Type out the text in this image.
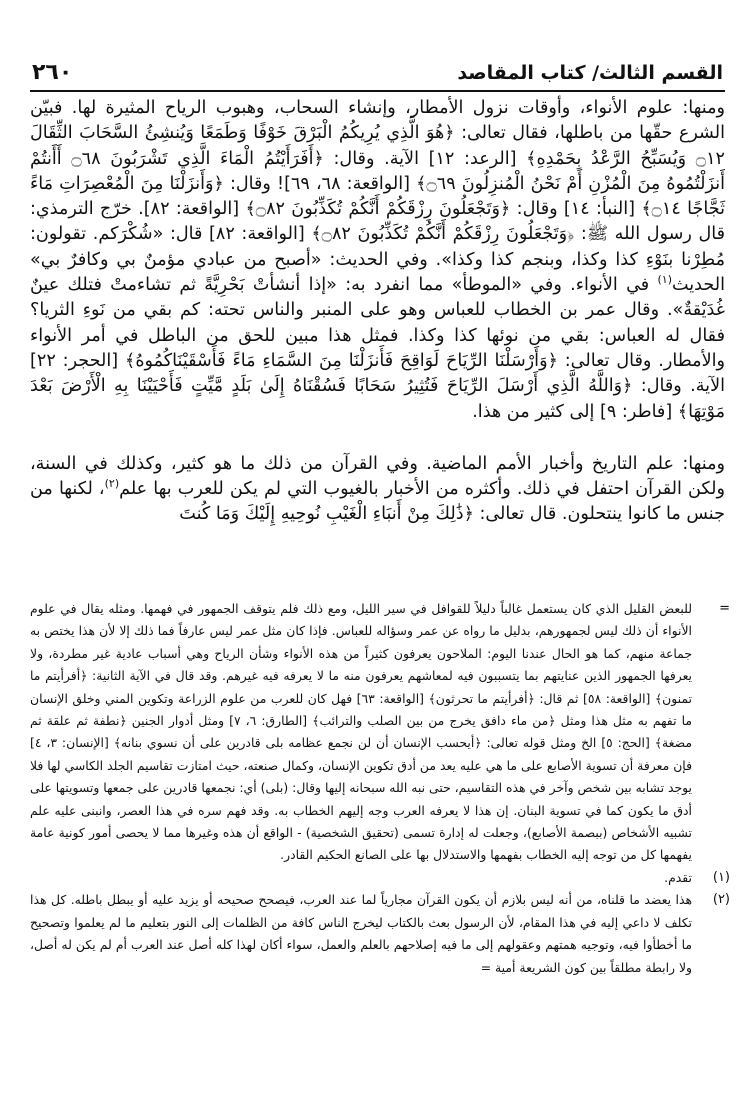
٢٦٠	القسم الثالث/ كتاب المقاصد

ومنها: علوم الأنواء، وأوقات نزول الأمطار، وإنشاء السحاب، وهبوب الرياح المثيرة لها. فبيّن الشرع حقّها من باطلها، فقال تعالى: ﴿هُوَ الَّذِي يُرِيكُمُ الْبَرْقَ خَوْفًا وَطَمَعًا وَيُنشِئُ السَّحَابَ الثِّقَالَ ۝١٢ وَيُسَبِّحُ الرَّعْدُ بِحَمْدِهِ﴾ [الرعد: ١٢] الآية. وقال: ﴿أَفَرَأَيْتُمُ الْمَاءَ الَّذِي تَشْرَبُونَ ۝٦٨ أَأَنتُمْ أَنزَلْتُمُوهُ مِنَ الْمُزْنِ أَمْ نَحْنُ الْمُنزِلُونَ ۝٦٩﴾ [الواقعة: ٦٨، ٦٩]! وقال: ﴿وَأَنزَلْنَا مِنَ الْمُعْصِرَاتِ مَاءً ثَجَّاجًا ۝١٤﴾ [النبأ: ١٤] وقال: ﴿وَتَجْعَلُونَ رِزْقَكُمْ أَنَّكُمْ تُكَذِّبُونَ ۝٨٢﴾ [الواقعة: ٨٢]. خرّج الترمذي: قال رسول الله ﷺ: ﴿وَتَجْعَلُونَ رِزْقَكُمْ أَنَّكُمْ تُكَذِّبُونَ ۝٨٢﴾ [الواقعة: ٨٢] قال: «شُكْرَكم. تقولون: مُطِرْنا بنَوْءِ كذا وكذا، وبنجم كذا وكذا». وفي الحديث: «أصبح من عبادي مؤمنٌ بي وكافرٌ بي» الحديث$^{(١)}$ في الأنواء. وفي «الموطأ» مما انفرد به: «إذا أنشأتْ بَحْرِيَّةً ثم تشاءمتْ فتلك عينٌ غُدَيْقةٌ». وقال عمر بن الخطاب للعباس وهو على المنبر والناس تحته: كم بقي من نَوءِ الثريا؟ فقال له العباس: بقي من نوئها كذا وكذا. فمثل هذا مبين للحق من الباطل في أمر الأنواء والأمطار. وقال تعالى: ﴿وَأَرْسَلْنَا الرِّيَاحَ لَوَاقِحَ فَأَنزَلْنَا مِنَ السَّمَاءِ مَاءً فَأَسْقَيْنَاكُمُوهُ﴾ [الحجر: ٢٢] الآية. وقال: ﴿وَاللَّهُ الَّذِي أَرْسَلَ الرِّيَاحَ فَتُثِيرُ سَحَابًا فَسُقْنَاهُ إِلَىٰ بَلَدٍ مَّيِّتٍ فَأَحْيَيْنَا بِهِ الْأَرْضَ بَعْدَ مَوْتِهَا﴾ [فاطر: ٩] إلى كثير من هذا.

ومنها: علم التاريخ وأخبار الأمم الماضية. وفي القرآن من ذلك ما هو كثير، وكذلك في السنة، ولكن القرآن احتفل في ذلك. وأكثره من الأخبار بالغيوب التي لم يكن للعرب بها علم$^{(٢)}$، لكنها من جنس ما كانوا ينتحلون. قال تعالى: ﴿ذَٰلِكَ مِنْ أَنبَاءِ الْغَيْبِ نُوحِيهِ إِلَيْكَ وَمَا كُنتَ

=
للبعض القليل الذي كان يستعمل غالباً دليلاً للقوافل في سير الليل، ومع ذلك فلم يتوقف الجمهور في فهمها. ومثله يقال في علوم الأنواء أن ذلك ليس لجمهورهم، بدليل ما رواه عن عمر وسؤاله للعباس. فإذا كان مثل عمر ليس عارفاً فما ذلك إلا لأن هذا يختص به جماعة منهم، كما هو الحال عندنا اليوم: الملاحون يعرفون كثيراً من هذه الأنواء وشأن الرياح وهي أسباب عادية غير مطردة، ولا يعرفها الجمهور الذين عنايتهم بما يتسببون فيه لمعاشهم يعرفون منه ما لا يعرفه فيه غيرهم. وقد قال في الآية الثانية: ﴿أفرأيتم ما تمنون﴾ [الواقعة: ٥٨] ثم قال: ﴿أفرأيتم ما تحرثون﴾ [الواقعة: ٦٣] فهل كان للعرب من علوم الزراعة وتكوين المني وخلق الإنسان ما تفهم به مثل هذا ومثل ﴿من ماء دافق يخرج من بين الصلب والترائب﴾ [الطارق: ٦، ٧] ومثل أدوار الجنين ﴿نطفة ثم علقة ثم مضغة﴾ [الحج: ٥] الخ ومثل قوله تعالى: ﴿أيحسب الإنسان أن لن نجمع عظامه بلى قادرين على أن نسوي بنانه﴾ [الإنسان: ٣، ٤] فإن معرفة أن تسوية الأصابع على ما هي عليه يعد من أدق تكوين الإنسان، وكمال صنعته، حيث امتازت تقاسيم الجلد الكاسي لها فلا يوجد تشابه بين شخص وآخر في هذه التقاسيم، حتى نبه الله سبحانه إليها وقال: (بلى) أي: نجمعها قادرين على جمعها وتسويتها على أدق ما يكون كما في تسوية البنان. إن هذا لا يعرفه العرب وجه إليهم الخطاب به. وقد فهم سره في هذا العصر، وانبنى عليه علم تشبيه الأشخاص (ببصمة الأصابع)، وجعلت له إدارة تسمى (تحقيق الشخصية) - الواقع أن هذه وغيرها مما لا يحصى أمور كونية عامة يفهمها كل من توجه إليه الخطاب بفهمها والاستدلال بها على الصانع الحكيم القادر.

(١)
تقدم.

(٢)
هذا يعضد ما قلناه، من أنه ليس بلازم أن يكون القرآن مجارياً لما عند العرب، فيصحح صحيحه أو يزيد عليه أو يبطل باطله. كل هذا تكلف لا داعي إليه في هذا المقام، لأن الرسول بعث بالكتاب ليخرج الناس كافة من الظلمات إلى النور بتعليم ما لم يعلموا وتصحيح ما أخطأوا فيه، وتوجيه همتهم وعقولهم إلى ما فيه إصلاحهم بالعلم والعمل، سواء أكان لهذا كله أصل عند العرب أم لم يكن له أصل، ولا رابطة مطلقاً بين كون الشريعة أمية =
